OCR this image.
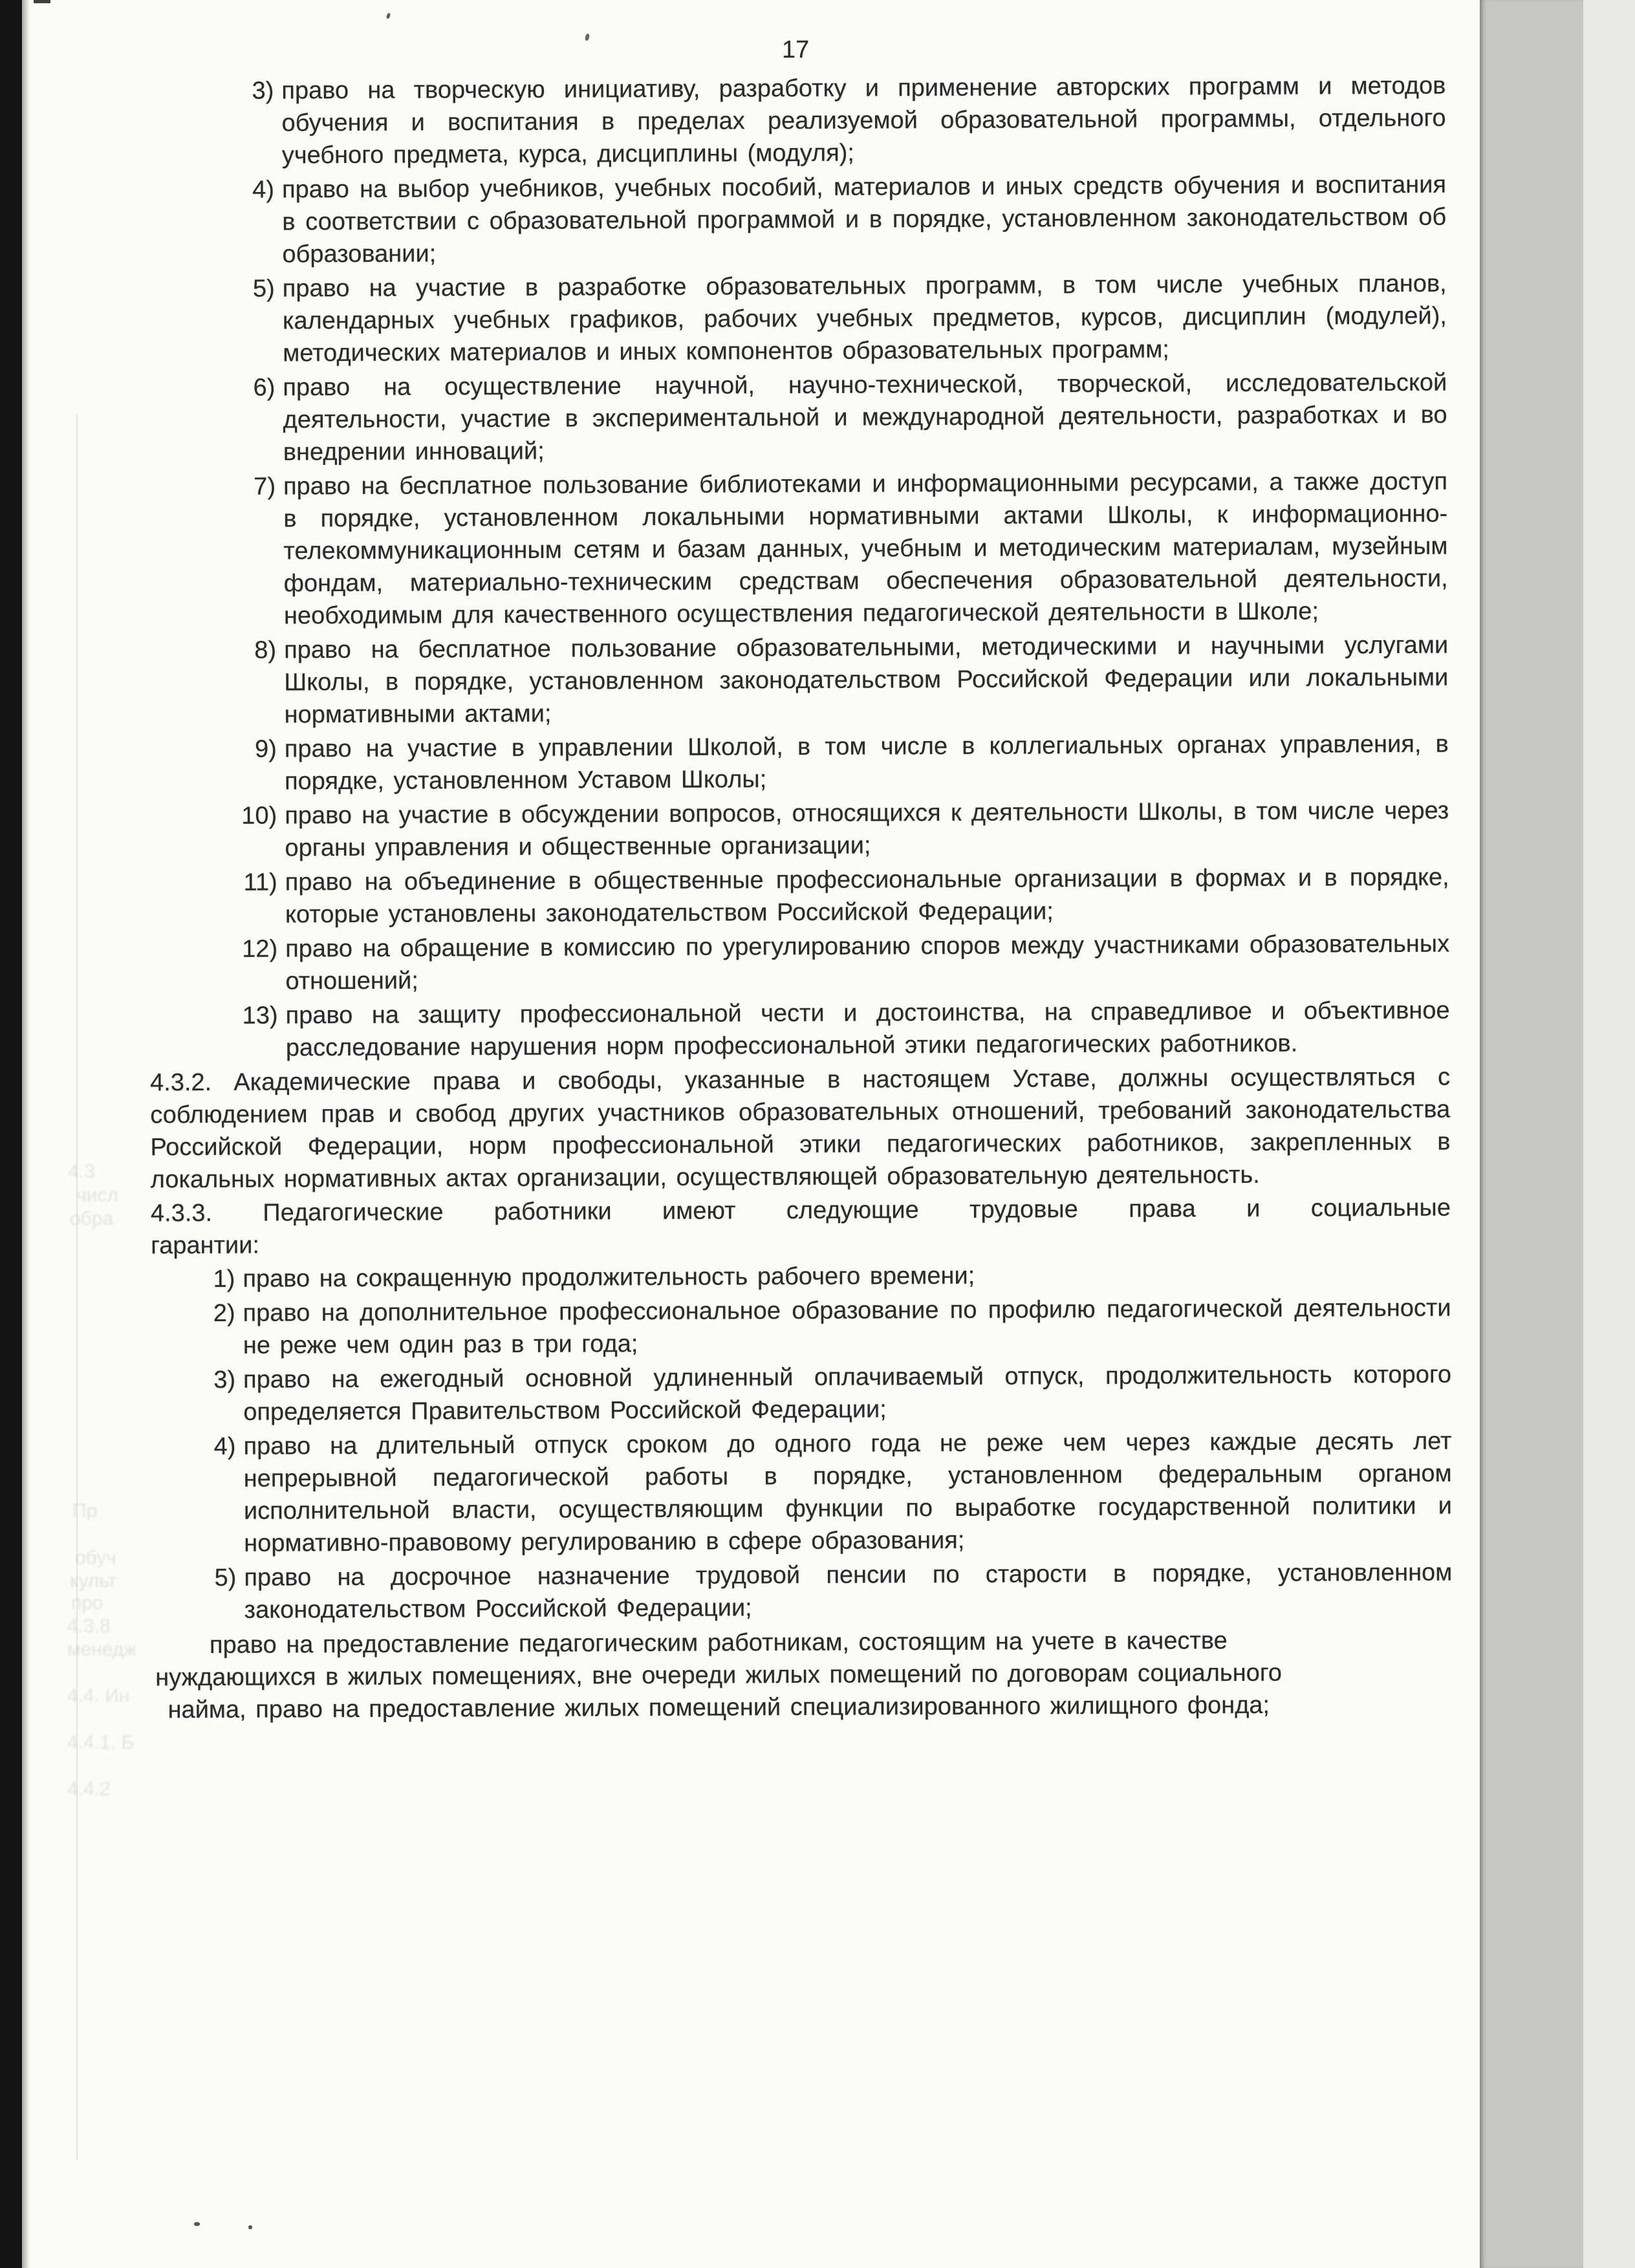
4.3
числ
обра
Пр
обуч
культ
про
4.3.8
менедж
4.4. Ин
4.4.1. Б
4.4.2
17
3) право на творческую инициативу, разработку и применение авторских программ и методов обучения и воспитания в пределах реализуемой образовательной программы, отдельного учебного предмета, курса, дисциплины (модуля);
4) право на выбор учебников, учебных пособий, материалов и иных средств обучения и воспитания в соответствии с образовательной программой и в порядке, установленном законодательством об образовании;
5) право на участие в разработке образовательных программ, в том числе учебных планов, календарных учебных графиков, рабочих учебных предметов, курсов, дисциплин (модулей), методических материалов и иных компонентов образовательных программ;
6) право на осуществление научной, научно-технической, творческой, исследовательской деятельности, участие в экспериментальной и международной деятельности, разработках и во внедрении инноваций;
7) право на бесплатное пользование библиотеками и информационными ресурсами, а также доступ в порядке, установленном локальными нормативными актами Школы, к информационно-телекоммуникационным сетям и базам данных, учебным и методическим материалам, музейным фондам, материально-техническим средствам обеспечения образовательной деятельности, необходимым для качественного осуществления педагогической деятельности в Школе;
8) право на бесплатное пользование образовательными, методическими и научными услугами Школы, в порядке, установленном законодательством Российской Федерации или локальными нормативными актами;
9) право на участие в управлении Школой, в том числе в коллегиальных органах управления, в порядке, установленном Уставом Школы;
10) право на участие в обсуждении вопросов, относящихся к деятельности Школы, в том числе через органы управления и общественные организации;
11) право на объединение в общественные профессиональные организации в формах и в порядке, которые установлены законодательством Российской Федерации;
12) право на обращение в комиссию по урегулированию споров между участниками образовательных отношений;
13) право на защиту профессиональной чести и достоинства, на справедливое и объективное расследование нарушения норм профессиональной этики педагогических работников.
4.3.2. Академические права и свободы, указанные в настоящем Уставе, должны осуществляться с соблюдением прав и свобод других участников образовательных отношений, требований законодательства Российской Федерации, норм профессиональной этики педагогических работников, закрепленных в локальных нормативных актах организации, осуществляющей образовательную деятельность.
4.3.3. Педагогические работники имеют следующие трудовые права и социальные
гарантии:
1) право на сокращенную продолжительность рабочего времени;
2) право на дополнительное профессиональное образование по профилю педагогической деятельности не реже чем один раз в три года;
3) право на ежегодный основной удлиненный оплачиваемый отпуск, продолжительность которого определяется Правительством Российской Федерации;
4) право на длительный отпуск сроком до одного года не реже чем через каждые десять лет непрерывной педагогической работы в порядке, установленном федеральным органом исполнительной власти, осуществляющим функции по выработке государственной политики и нормативно-правовому регулированию в сфере образования;
5) право на досрочное назначение трудовой пенсии по старости в порядке, установленном законодательством Российской Федерации;
право на предоставление педагогическим работникам, состоящим на учете в качестве нуждающихся в жилых помещениях, вне очереди жилых помещений по договорам социального найма, право на предоставление жилых помещений специализированного жилищного фонда;
